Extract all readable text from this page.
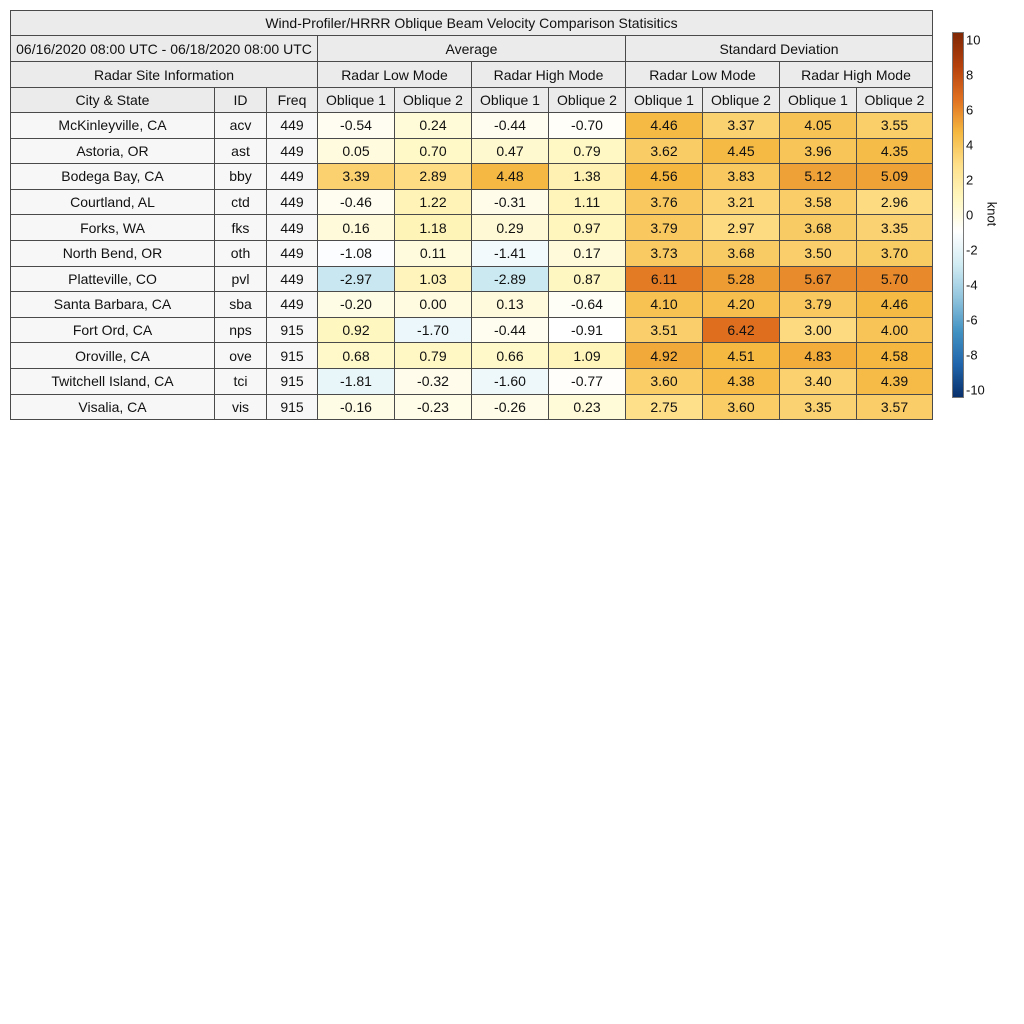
Wind-Profiler/HRRR Oblique Beam Velocity Comparison Statisitics
06/16/2020 08:00 UTC - 06/18/2020 08:00 UTC	Average	Standard Deviation
Radar Site Information	Radar Low Mode	Radar High Mode	Radar Low Mode	Radar High Mode
City & State	ID	Freq	Oblique 1	Oblique 2	Oblique 1	Oblique 2	Oblique 1	Oblique 2	Oblique 1	Oblique 2
McKinleyville, CA	acv	449	-0.54	0.24	-0.44	-0.70	4.46	3.37	4.05	3.55
Astoria, OR	ast	449	0.05	0.70	0.47	0.79	3.62	4.45	3.96	4.35
Bodega Bay, CA	bby	449	3.39	2.89	4.48	1.38	4.56	3.83	5.12	5.09
Courtland, AL	ctd	449	-0.46	1.22	-0.31	1.11	3.76	3.21	3.58	2.96
Forks, WA	fks	449	0.16	1.18	0.29	0.97	3.79	2.97	3.68	3.35
North Bend, OR	oth	449	-1.08	0.11	-1.41	0.17	3.73	3.68	3.50	3.70
Platteville, CO	pvl	449	-2.97	1.03	-2.89	0.87	6.11	5.28	5.67	5.70
Santa Barbara, CA	sba	449	-0.20	0.00	0.13	-0.64	4.10	4.20	3.79	4.46
Fort Ord, CA	nps	915	0.92	-1.70	-0.44	-0.91	3.51	6.42	3.00	4.00
Oroville, CA	ove	915	0.68	0.79	0.66	1.09	4.92	4.51	4.83	4.58
Twitchell Island, CA	tci	915	-1.81	-0.32	-1.60	-0.77	3.60	4.38	3.40	4.39
Visalia, CA	vis	915	-0.16	-0.23	-0.26	0.23	2.75	3.60	3.35	3.57
10
8
6
4
2
0
-2
-4
-6
-8
-10
knot
